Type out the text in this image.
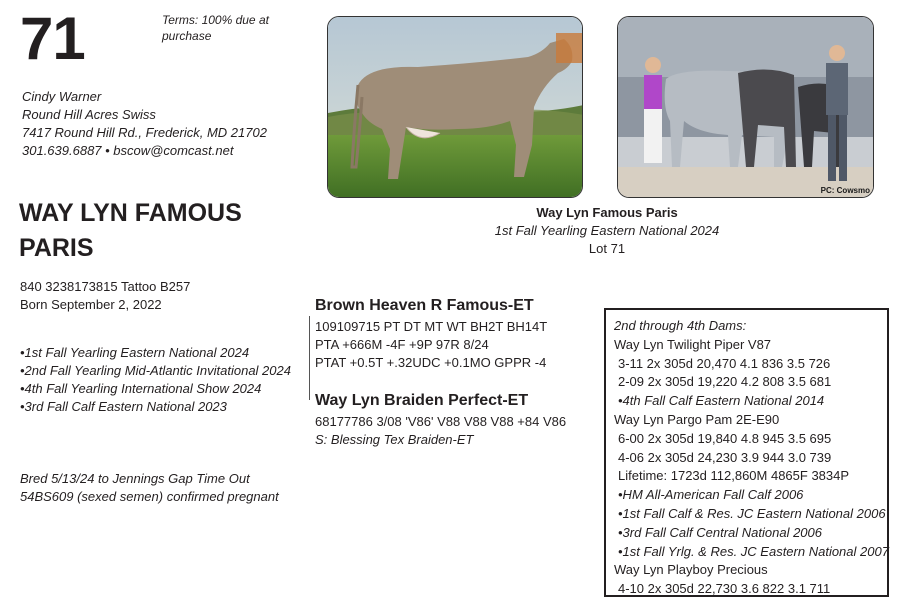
71	Terms: 100% due at purchase
Cindy Warner
Round Hill Acres Swiss
7417 Round Hill Rd., Frederick, MD 21702
301.639.6887 • bscow@comcast.net
WAY LYN FAMOUS
PARIS
840 3238173815 Tattoo B257
Born September 2, 2022
•1st Fall Yearling Eastern National 2024
•2nd Fall Yearling Mid-Atlantic Invitational 2024
•4th Fall Yearling International Show 2024
•3rd Fall Calf Eastern National 2023
Bred 5/13/24 to Jennings Gap Time Out
54BS609 (sexed semen) confirmed pregnant
PC: Cowsmo
Way Lyn Famous Paris
1st Fall Yearling Eastern National 2024
Lot 71
Brown Heaven R Famous-ET
109109715 PT DT MT WT BH2T BH14T
PTA +666M -4F +9P 97R 8/24
PTAT +0.5T +.32UDC +0.1MO GPPR -4
Way Lyn Braiden Perfect-ET
68177786 3/08 'V86' V88 V88 V88 +84 V86
S: Blessing Tex Braiden-ET
2nd through 4th Dams:
Way Lyn Twilight Piper V87
3-11 2x 305d 20,470 4.1 836 3.5 726
2-09 2x 305d 19,220 4.2 808 3.5 681
•4th Fall Calf Eastern National 2014
Way Lyn Pargo Pam 2E-E90
6-00 2x 305d 19,840 4.8 945 3.5 695
4-06 2x 305d 24,230 3.9 944 3.0 739
Lifetime: 1723d 112,860M 4865F 3834P
•HM All-American Fall Calf 2006
•1st Fall Calf & Res. JC Eastern National 2006
•3rd Fall Calf Central National 2006
•1st Fall Yrlg. & Res. JC Eastern National 2007
Way Lyn Playboy Precious
4-10 2x 305d 22,730 3.6 822 3.1 711
